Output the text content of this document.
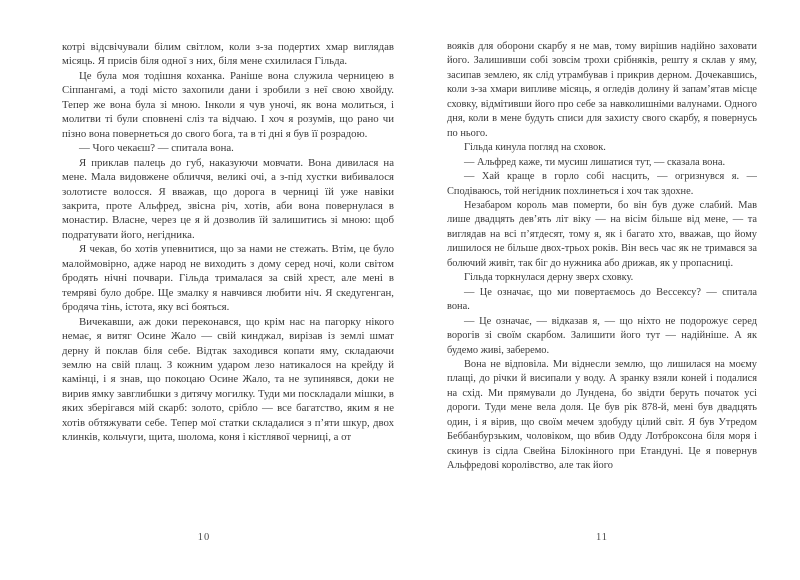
котрі відсвічували білим світлом, коли з-за подертих хмар виглядав місяць. Я присів біля одної з них, біля мене схилилася Гільда.

Це була моя тодішня коханка. Раніше вона служила черницею в Сіппангамі, а тоді місто захопили дани і зробили з неї свою хвойду. Тепер же вона була зі мною. Інколи я чув уночі, як вона молиться, і молитви ті були сповнені сліз та відчаю. І хоч я розумів, що рано чи пізно вона повернеться до свого бога, та в ті дні я був її розрадою.

— Чого чекаєш? — спитала вона.

Я приклав палець до губ, наказуючи мовчати. Вона дивилася на мене. Мала видовжене обличчя, великі очі, а з-під хустки вибивалося золотисте волосся. Я вважав, що дорога в черниці їй уже навіки закрита, проте Альфред, звісна річ, хотів, аби вона повернулася в монастир. Власне, через це я й дозволив їй залишитись зі мною: щоб подратувати його, негідника.

Я чекав, бо хотів упевнитися, що за нами не стежать. Втім, це було малоймовірно, адже народ не виходить з дому серед ночі, коли світом бродять нічні почвари. Гільда трималася за свій хрест, але мені в темряві було добре. Ще змалку я навчився любити ніч. Я скедугенган, бродяча тінь, істота, яку всі бояться.

Вичекавши, аж доки переконався, що крім нас на пагорку нікого немає, я витяг Осине Жало — свій кинджал, вирізав із землі шмат дерну й поклав біля себе. Відтак заходився копати яму, складаючи землю на свій плащ. З кожним ударом лезо натикалося на крейду й камінці, і я знав, що покоцаю Осине Жало, та не зупинявся, доки не вирив ямку завглибшки з дитячу могилку. Туди ми поскладали мішки, в яких зберігався мій скарб: золото, срібло — все багатство, яким я не хотів обтяжувати себе. Тепер мої статки складалися з п’яти шкур, двох клинків, кольчуги, щита, шолома, коня і кістлявої черниці, а от

10

вояків для оборони скарбу я не мав, тому вирішив надійно заховати його. Залишивши собі зовсім трохи срібняків, решту я склав у яму, засипав землею, як слід утрамбував і прикрив дерном. Дочекавшись, коли з-за хмари випливе місяць, я огледів долину й запам’ятав місце сховку, відмітивши його про себе за навколишніми валунами. Одного дня, коли в мене будуть списи для захисту свого скарбу, я повернусь по нього.

Гільда кинула погляд на сховок.

— Альфред каже, ти мусиш лишатися тут, — сказала вона.

— Хай краще в горло собі насцить, — огризнувся я. — Сподіваюсь, той негідник похлинеться і хоч так здохне.

Незабаром король мав померти, бо він був дуже слабий. Мав лише двадцять дев’ять літ віку — на вісім більше від мене, — та виглядав на всі п’ятдесят, тому я, як і багато хто, вважав, що йому лишилося не більше двох-трьох років. Він весь час як не тримався за болючий живіт, так біг до нужника або дрижав, як у пропасниці.

Гільда торкнулася дерну зверх сховку.

— Це означає, що ми повертаємось до Вессексу? — спитала вона.

— Це означає, — відказав я, — що ніхто не подорожує серед ворогів зі своїм скарбом. Залишити його тут — надійніше. А як будемо живі, заберемо.

Вона не відповіла. Ми віднесли землю, що лишилася на моєму плащі, до річки й висипали у воду. А зранку взяли коней і подалися на схід. Ми прямували до Лундена, бо звідти беруть початок усі дороги. Туди мене вела доля. Це був рік 878-й, мені був двадцять один, і я вірив, що своїм мечем здобуду цілий світ. Я був Утредом Беббанбурзьким, чоловіком, що вбив Одду Лотброксона біля моря і скинув із сідла Свейна Білокінного при Етандуні. Це я повернув Альфредові королівство, але так його

11
